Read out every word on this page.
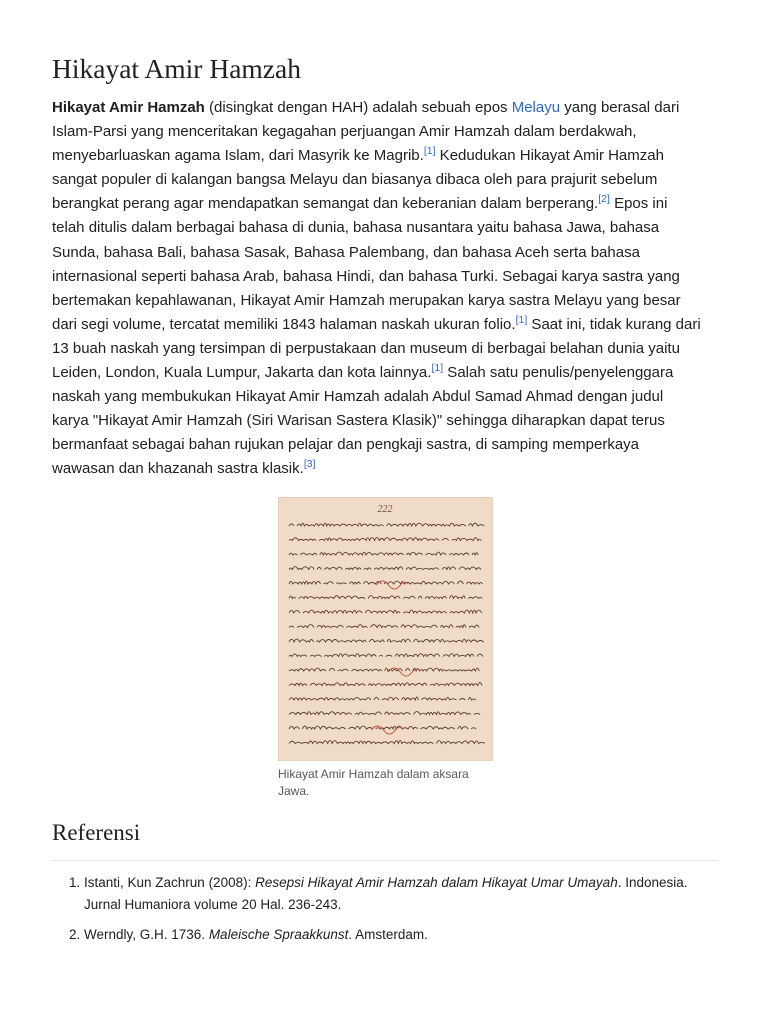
Hikayat Amir Hamzah
Hikayat Amir Hamzah (disingkat dengan HAH) adalah sebuah epos Melayu yang berasal dari Islam-Parsi yang menceritakan kegagahan perjuangan Amir Hamzah dalam berdakwah, menyebarluaskan agama Islam, dari Masyrik ke Magrib.[1] Kedudukan Hikayat Amir Hamzah sangat populer di kalangan bangsa Melayu dan biasanya dibaca oleh para prajurit sebelum berangkat perang agar mendapatkan semangat dan keberanian dalam berperang.[2] Epos ini telah ditulis dalam berbagai bahasa di dunia, bahasa nusantara yaitu bahasa Jawa, bahasa Sunda, bahasa Bali, bahasa Sasak, Bahasa Palembang, dan bahasa Aceh serta bahasa internasional seperti bahasa Arab, bahasa Hindi, dan bahasa Turki. Sebagai karya sastra yang bertemakan kepahlawanan, Hikayat Amir Hamzah merupakan karya sastra Melayu yang besar dari segi volume, tercatat memiliki 1843 halaman naskah ukuran folio.[1] Saat ini, tidak kurang dari 13 buah naskah yang tersimpan di perpustakaan dan museum di berbagai belahan dunia yaitu Leiden, London, Kuala Lumpur, Jakarta dan kota lainnya.[1] Salah satu penulis/penyelenggara naskah yang membukukan Hikayat Amir Hamzah adalah Abdul Samad Ahmad dengan judul karya "Hikayat Amir Hamzah (Siri Warisan Sastera Klasik)" sehingga diharapkan dapat terus bermanfaat sebagai bahan rujukan pelajar dan pengkaji sastra, di samping memperkaya wawasan dan khazanah sastra klasik.[3]
222
Hikayat Amir Hamzah dalam aksara Jawa.
Referensi
1. Istanti, Kun Zachrun (2008): Resepsi Hikayat Amir Hamzah dalam Hikayat Umar Umayah. Indonesia. Jurnal Humaniora volume 20 Hal. 236-243.
2. Werndly, G.H. 1736. Maleische Spraakkunst. Amsterdam.
